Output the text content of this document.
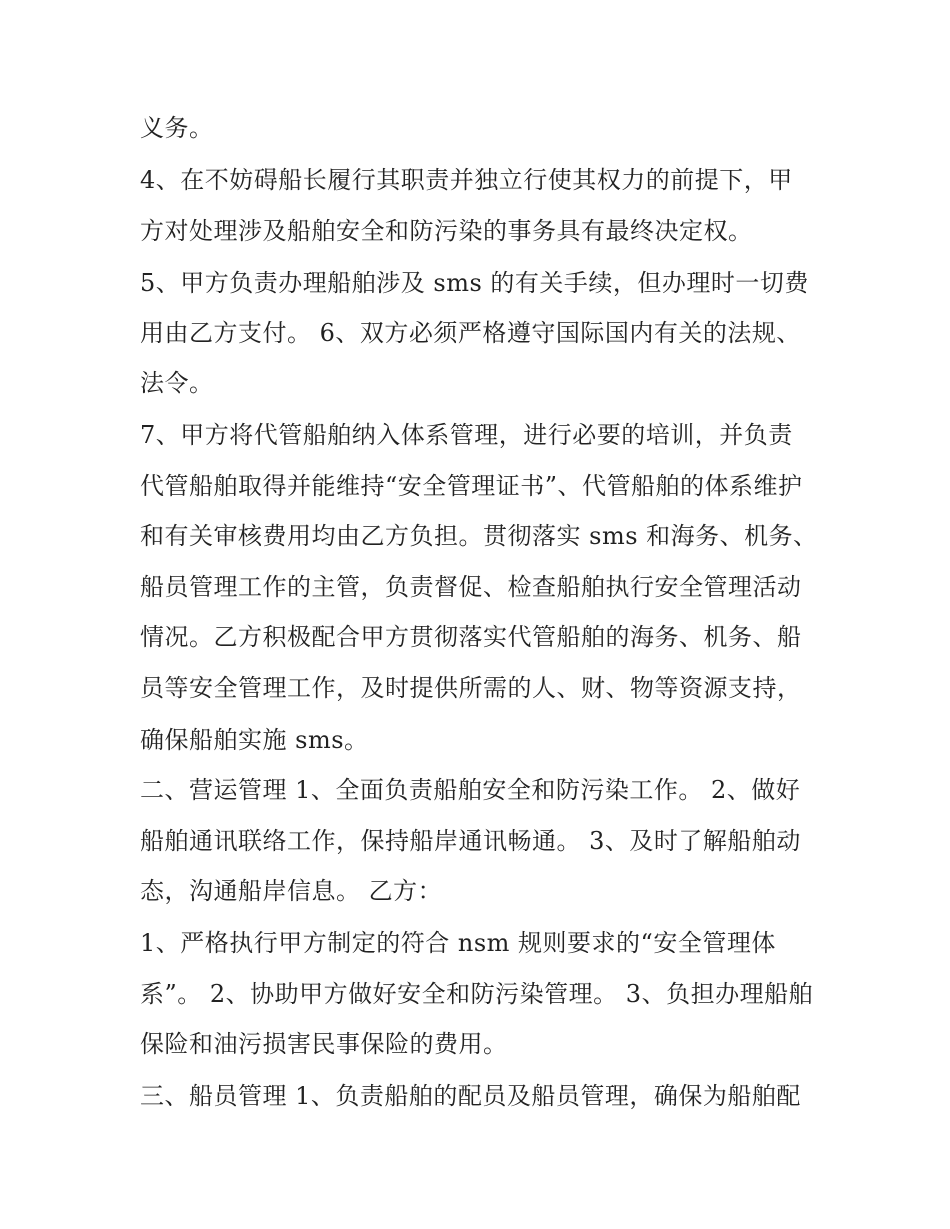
义务。
4、在不妨碍船长履行其职责并独立行使其权力的前提下，甲
方对处理涉及船舶安全和防污染的事务具有最终决定权。
5、甲方负责办理船舶涉及 sms 的有关手续，但办理时一切费
用由乙方支付。 6、双方必须严格遵守国际国内有关的法规、
法令。
7、甲方将代管船舶纳入体系管理，进行必要的培训，并负责
代管船舶取得并能维持“安全管理证书”、代管船舶的体系维护
和有关审核费用均由乙方负担。贯彻落实 sms 和海务、机务、
船员管理工作的主管，负责督促、检查船舶执行安全管理活动
情况。乙方积极配合甲方贯彻落实代管船舶的海务、机务、船
员等安全管理工作，及时提供所需的人、财、物等资源支持，
确保船舶实施 sms。
二、营运管理 1、全面负责船舶安全和防污染工作。 2、做好
船舶通讯联络工作，保持船岸通讯畅通。 3、及时了解船舶动
态，沟通船岸信息。 乙方：
1、严格执行甲方制定的符合 nsm 规则要求的“安全管理体
系”。 2、协助甲方做好安全和防污染管理。 3、负担办理船舶
保险和油污损害民事保险的费用。
三、船员管理 1、负责船舶的配员及船员管理，确保为船舶配
